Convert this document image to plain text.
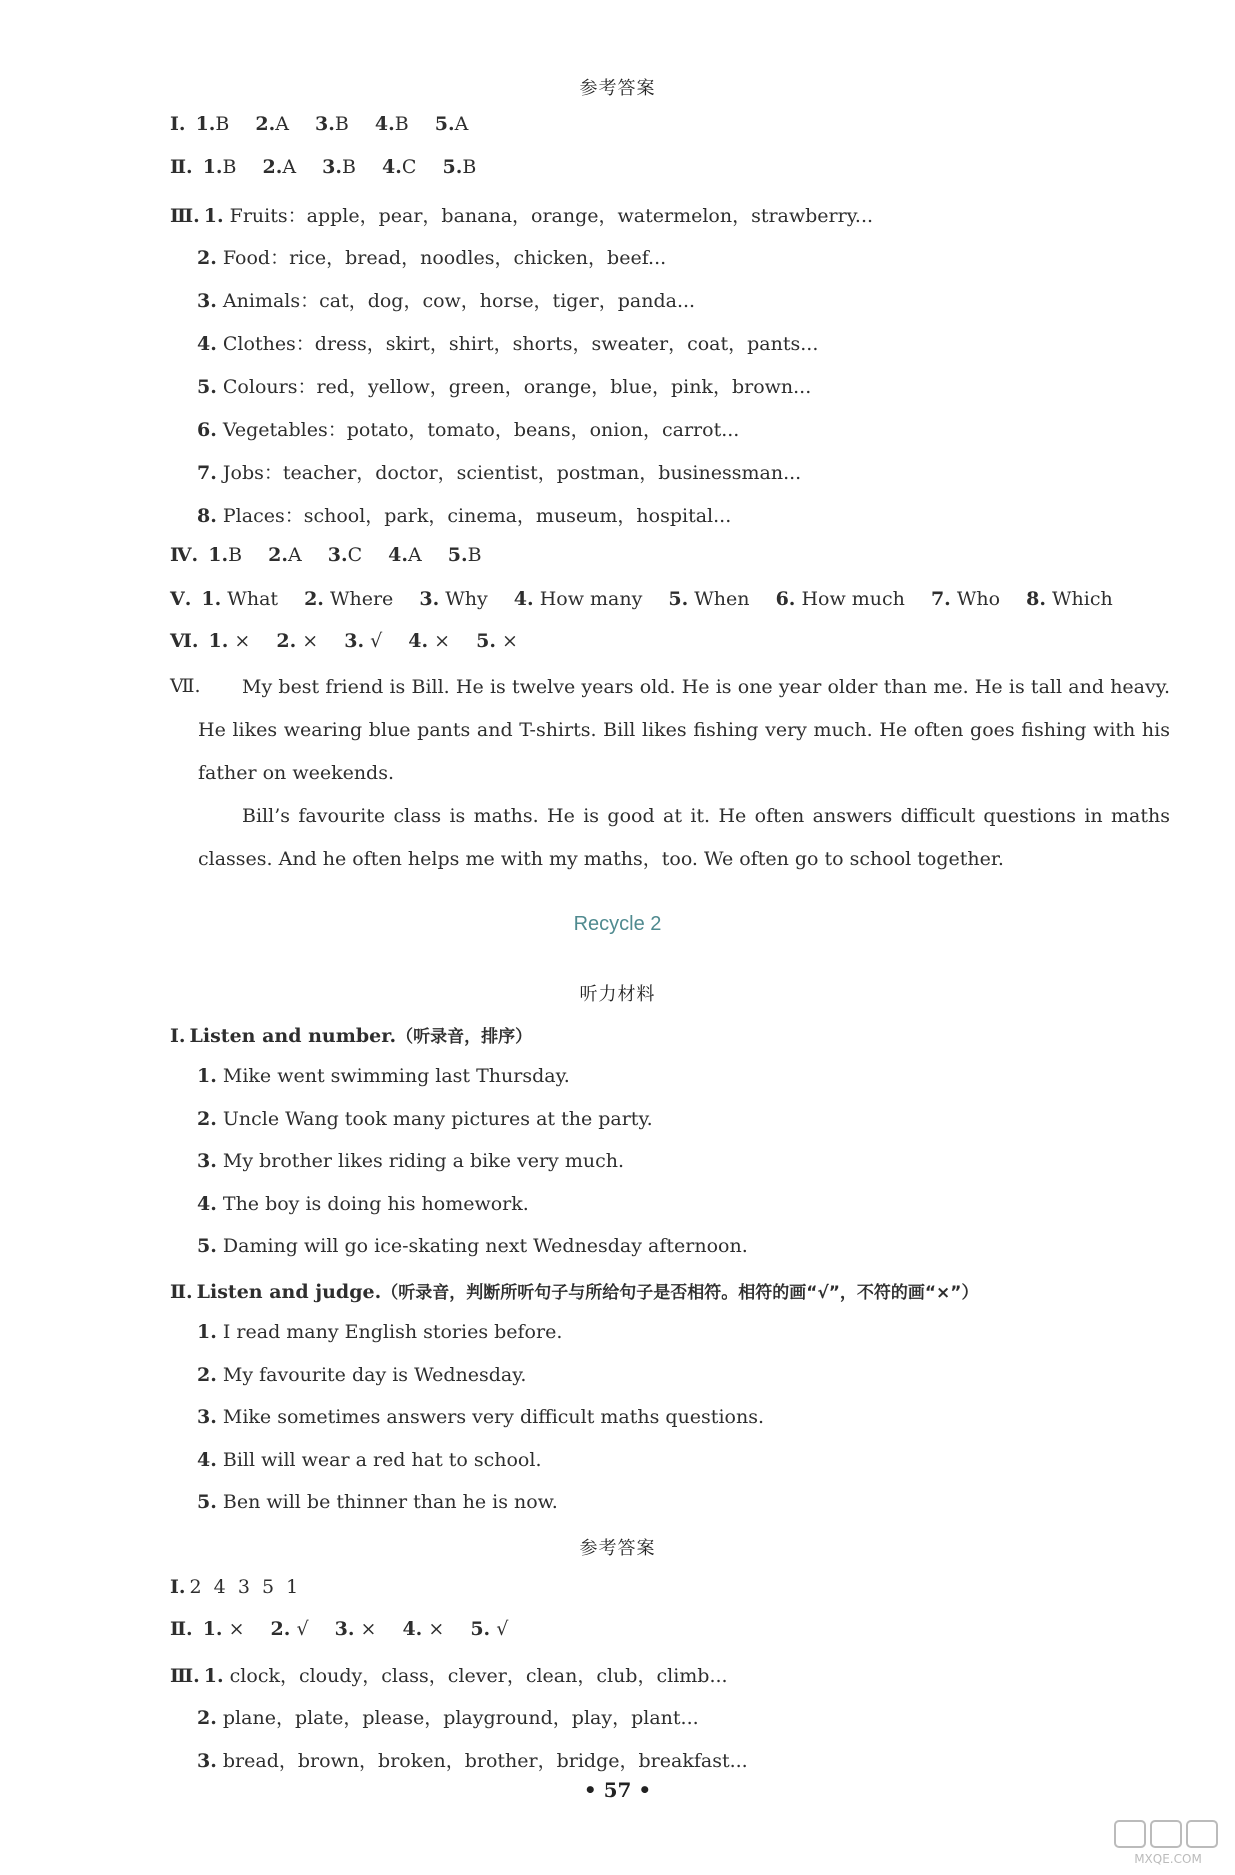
参考答案
Ⅰ. 1.B 2.A 3.B 4.B 5.A
Ⅱ. 1.B 2.A 3.B 4.C 5.B
Ⅲ. 1. Fruits：apple，pear，banana，orange，watermelon，strawberry...
2. Food：rice，bread，noodles，chicken，beef...
3. Animals：cat，dog，cow，horse，tiger，panda...
4. Clothes：dress，skirt，shirt，shorts，sweater，coat，pants...
5. Colours：red，yellow，green，orange，blue，pink，brown...
6. Vegetables：potato，tomato，beans，onion，carrot...
7. Jobs：teacher，doctor，scientist，postman，businessman...
8. Places：school，park，cinema，museum，hospital...
Ⅳ. 1.B 2.A 3.C 4.A 5.B
Ⅴ. 1. What 2. Where 3. Why 4. How many 5. When 6. How much 7. Who 8. Which
Ⅵ. 1. × 2. × 3. √ 4. × 5. ×
Ⅶ.	My best friend is Bill. He is twelve years old. He is one year older than me. He is tall and heavy. He likes wearing blue pants and T-shirts. Bill likes fishing very much. He often goes fishing with his father on weekends.
Bill’s favourite class is maths. He is good at it. He often answers difficult questions in maths classes. And he often helps me with my maths，too. We often go to school together.
Recycle 2
听力材料
Ⅰ. Listen and number.（听录音，排序）
1. Mike went swimming last Thursday.
2. Uncle Wang took many pictures at the party.
3. My brother likes riding a bike very much.
4. The boy is doing his homework.
5. Daming will go ice-skating next Wednesday afternoon.
Ⅱ. Listen and judge.（听录音，判断所听句子与所给句子是否相符。相符的画“√”，不符的画“×”）
1. I read many English stories before.
2. My favourite day is Wednesday.
3. Mike sometimes answers very difficult maths questions.
4. Bill will wear a red hat to school.
5. Ben will be thinner than he is now.
参考答案
Ⅰ. 2  4  3  5  1
Ⅱ. 1. × 2. √ 3. × 4. × 5. √
Ⅲ. 1. clock，cloudy，class，clever，clean，club，climb...
2. plane，plate，please，playground，play，plant...
3. bread，brown，broken，brother，bridge，breakfast...
• 57 •
MXQE.COM
